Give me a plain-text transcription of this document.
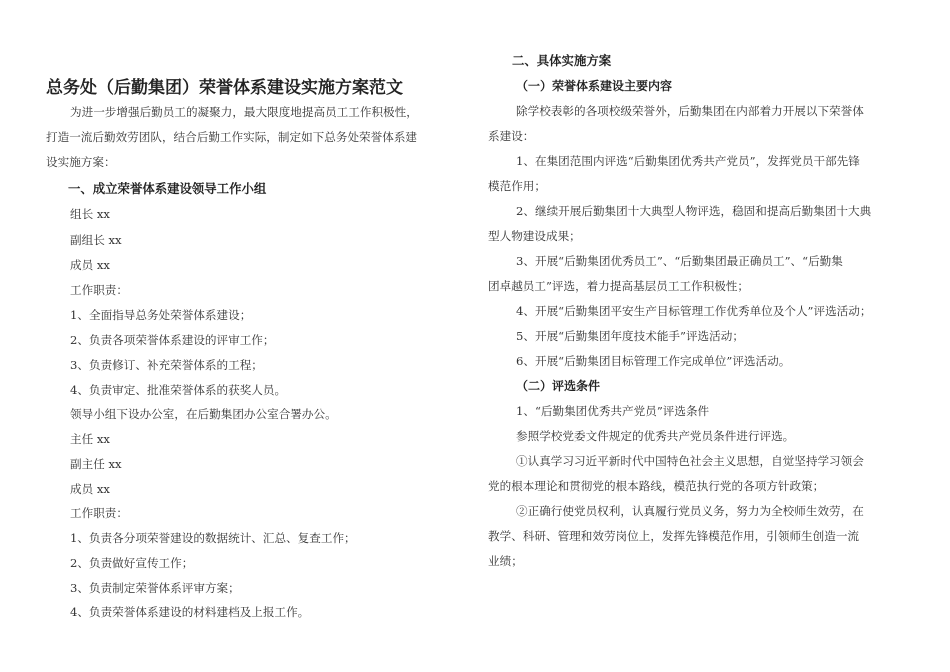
总务处（后勤集团）荣誉体系建设实施方案范文
为进一步增强后勤员工的凝聚力，最大限度地提高员工工作积极性，
打造一流后勤效劳团队，结合后勤工作实际，制定如下总务处荣誉体系建
设实施方案：
一、成立荣誉体系建设领导工作小组
组长 xx
副组长 xx
成员 xx
工作职责：
1、全面指导总务处荣誉体系建设；
2、负责各项荣誉体系建设的评审工作；
3、负责修订、补充荣誉体系的工程；
4、负责审定、批准荣誉体系的获奖人员。
领导小组下设办公室，在后勤集团办公室合署办公。
主任 xx
副主任 xx
成员 xx
工作职责：
1、负责各分项荣誉建设的数据统计、汇总、复查工作；
2、负责做好宣传工作；
3、负责制定荣誉体系评审方案；
4、负责荣誉体系建设的材料建档及上报工作。
二、具体实施方案
（一）荣誉体系建设主要内容
除学校表彰的各项校级荣誉外，后勤集团在内部着力开展以下荣誉体
系建设：
1、在集团范围内评选“后勤集团优秀共产党员”，发挥党员干部先锋
模范作用；
2、继续开展后勤集团十大典型人物评选，稳固和提高后勤集团十大典
型人物建设成果；
3、开展“后勤集团优秀员工”、“后勤集团最正确员工”、“后勤集
团卓越员工”评选，着力提高基层员工工作积极性；
4、开展“后勤集团平安生产目标管理工作优秀单位及个人”评选活动；
5、开展“后勤集团年度技术能手”评选活动；
6、开展“后勤集团目标管理工作完成单位”评选活动。
（二）评选条件
1、“后勤集团优秀共产党员”评选条件
参照学校党委文件规定的优秀共产党员条件进行评选。
①认真学习习近平新时代中国特色社会主义思想，自觉坚持学习领会
党的根本理论和贯彻党的根本路线，模范执行党的各项方针政策；
②正确行使党员权利，认真履行党员义务，努力为全校师生效劳，在
教学、科研、管理和效劳岗位上，发挥先锋模范作用，引领师生创造一流
业绩；
